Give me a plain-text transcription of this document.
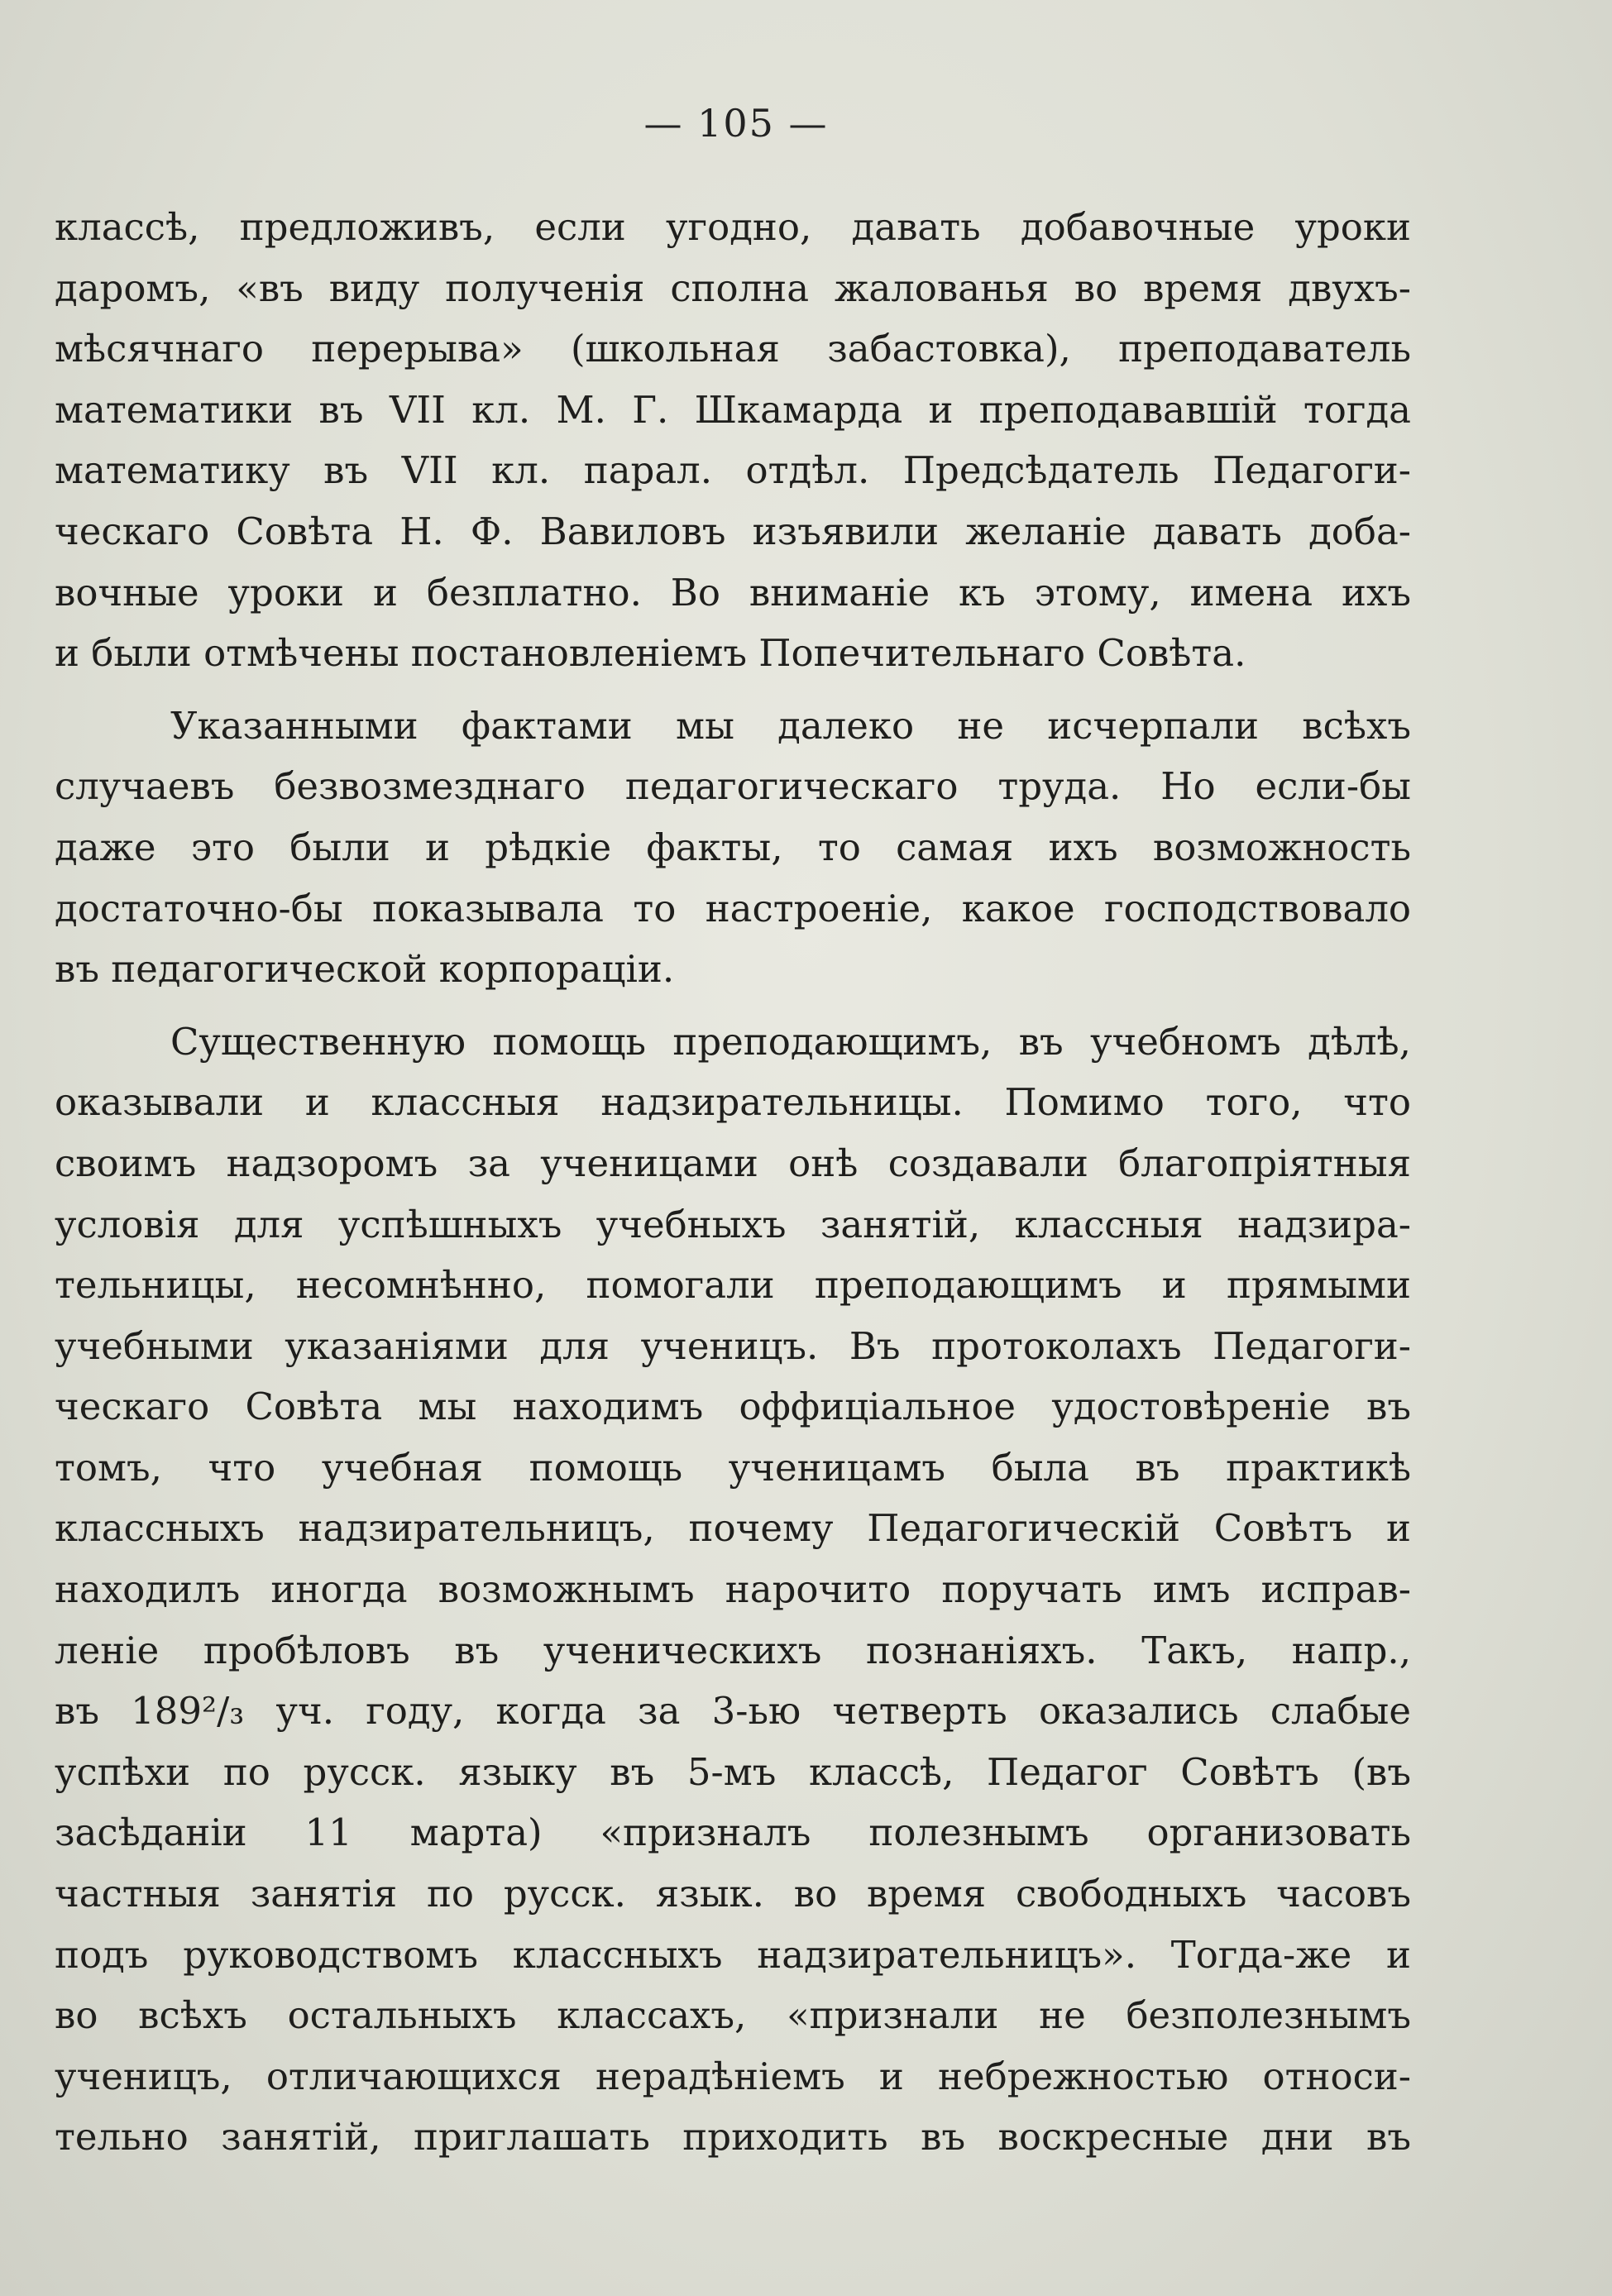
— 105 —
классѣ, предложивъ, если угодно, давать добавочные уроки
даромъ, «въ виду полученія сполна жалованья во время двухъ-
мѣсячнаго перерыва» (школьная забастовка), преподаватель
математики въ VII кл. М. Г. Шкамарда и преподававшій тогда
математику въ VII кл. парал. отдѣл. Предсѣдатель Педагоги-
ческаго Совѣта Н. Ф. Вавиловъ изъявили желаніе давать доба-
вочные уроки и безплатно. Во вниманіе къ этому, имена ихъ
и были отмѣчены постановленіемъ Попечительнаго Совѣта.
Указанными фактами мы далеко не исчерпали всѣхъ
случаевъ безвозмезднаго педагогическаго труда. Но если-бы
даже это были и рѣдкіе факты, то самая ихъ возможность
достаточно-бы показывала то настроеніе, какое господствовало
въ педагогической корпораціи.
Существенную помощь преподающимъ, въ учебномъ дѣлѣ,
оказывали и классныя надзирательницы. Помимо того, что
своимъ надзоромъ за ученицами онѣ создавали благопріятныя
условія для успѣшныхъ учебныхъ занятій, классныя надзира-
тельницы, несомнѣнно, помогали преподающимъ и прямыми
учебными указаніями для ученицъ. Въ протоколахъ Педагоги-
ческаго Совѣта мы находимъ оффиціальное удостовѣреніе въ
томъ, что учебная помощь ученицамъ была въ практикѣ
классныхъ надзирательницъ, почему Педагогическій Совѣтъ и
находилъ иногда возможнымъ нарочито поручать имъ исправ-
леніе пробѣловъ въ ученическихъ познаніяхъ. Такъ, напр.,
въ 189²/₃ уч. году, когда за 3-ью четверть оказались слабые
успѣхи по русск. языку въ 5-мъ классѣ, Педагог Совѣтъ (въ
засѣданіи 11 марта) «призналъ полезнымъ организовать
частныя занятія по русск. язык. во время свободныхъ часовъ
подъ руководствомъ классныхъ надзирательницъ». Тогда-же и
во всѣхъ остальныхъ классахъ, «признали не безполезнымъ
ученицъ, отличающихся нерадѣніемъ и небрежностью относи-
тельно занятій, приглашать приходить въ воскресные дни въ
